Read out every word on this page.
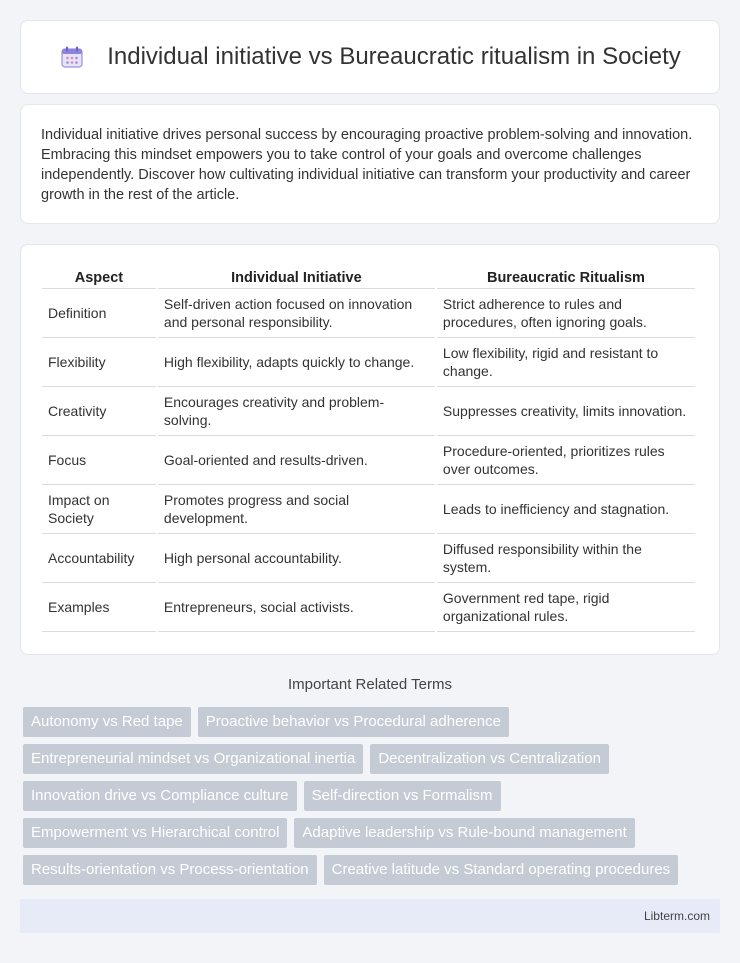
Individual initiative vs Bureaucratic ritualism in Society

Individual initiative drives personal success by encouraging proactive problem-solving and innovation. Embracing this mindset empowers you to take control of your goals and overcome challenges independently. Discover how cultivating individual initiative can transform your productivity and career growth in the rest of the article.

Aspect	Individual Initiative	Bureaucratic Ritualism
Definition	Self-driven action focused on innovation and personal responsibility.	Strict adherence to rules and procedures, often ignoring goals.
Flexibility	High flexibility, adapts quickly to change.	Low flexibility, rigid and resistant to change.
Creativity	Encourages creativity and problem-solving.	Suppresses creativity, limits innovation.
Focus	Goal-oriented and results-driven.	Procedure-oriented, prioritizes rules over outcomes.
Impact on Society	Promotes progress and social development.	Leads to inefficiency and stagnation.
Accountability	High personal accountability.	Diffused responsibility within the system.
Examples	Entrepreneurs, social activists.	Government red tape, rigid organizational rules.
Important Related Terms
Autonomy vs Red tape	Proactive behavior vs Procedural adherence
Entrepreneurial mindset vs Organizational inertia	Decentralization vs Centralization
Innovation drive vs Compliance culture	Self-direction vs Formalism
Empowerment vs Hierarchical control	Adaptive leadership vs Rule-bound management
Results-orientation vs Process-orientation	Creative latitude vs Standard operating procedures
Libterm.com
